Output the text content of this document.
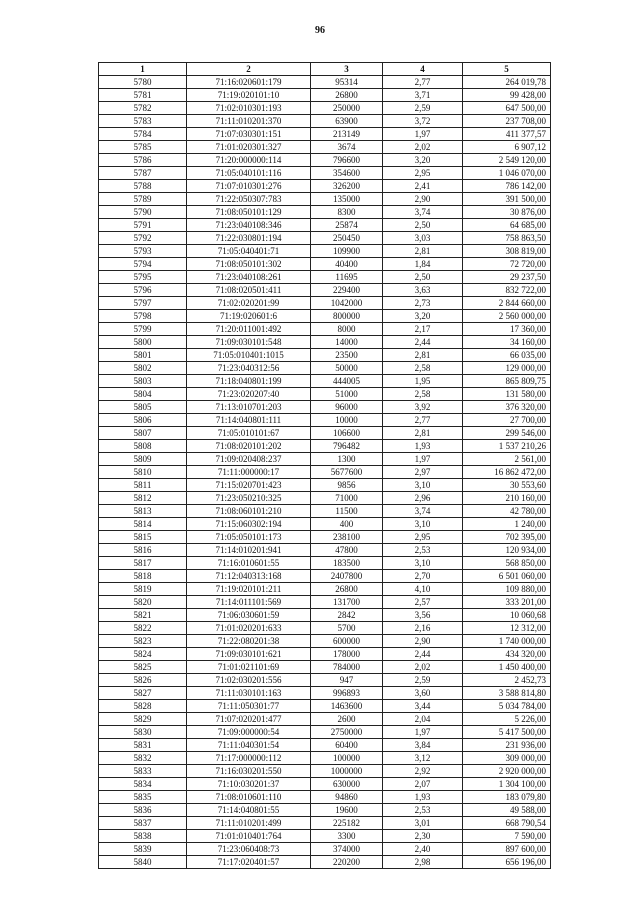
96
1	2	3	4	5
5780	71:16:020601:179	95314	2,77	264 019,78
5781	71:19:020101:10	26800	3,71	99 428,00
5782	71:02:010301:193	250000	2,59	647 500,00
5783	71:11:010201:370	63900	3,72	237 708,00
5784	71:07:030301:151	213149	1,97	411 377,57
5785	71:01:020301:327	3674	2,02	6 907,12
5786	71:20:000000:114	796600	3,20	2 549 120,00
5787	71:05:040101:116	354600	2,95	1 046 070,00
5788	71:07:010301:276	326200	2,41	786 142,00
5789	71:22:050307:783	135000	2,90	391 500,00
5790	71:08:050101:129	8300	3,74	30 876,00
5791	71:23:040108:346	25874	2,50	64 685,00
5792	71:22:030801:194	250450	3,03	758 863,50
5793	71:05:040401:71	109900	2,81	308 819,00
5794	71:08:050101:302	40400	1,84	72 720,00
5795	71:23:040108:261	11695	2,50	29 237,50
5796	71:08:020501:411	229400	3,63	832 722,00
5797	71:02:020201:99	1042000	2,73	2 844 660,00
5798	71:19:020601:6	800000	3,20	2 560 000,00
5799	71:20:011001:492	8000	2,17	17 360,00
5800	71:09:030101:548	14000	2,44	34 160,00
5801	71:05:010401:1015	23500	2,81	66 035,00
5802	71:23:040312:56	50000	2,58	129 000,00
5803	71:18:040801:199	444005	1,95	865 809,75
5804	71:23:020207:40	51000	2,58	131 580,00
5805	71:13:010701:203	96000	3,92	376 320,00
5806	71:14:040801:111	10000	2,77	27 700,00
5807	71:05:010101:67	106600	2,81	299 546,00
5808	71:08:020101:202	796482	1,93	1 537 210,26
5809	71:09:020408:237	1300	1,97	2 561,00
5810	71:11:000000:17	5677600	2,97	16 862 472,00
5811	71:15:020701:423	9856	3,10	30 553,60
5812	71:23:050210:325	71000	2,96	210 160,00
5813	71:08:060101:210	11500	3,74	42 780,00
5814	71:15:060302:194	400	3,10	1 240,00
5815	71:05:050101:173	238100	2,95	702 395,00
5816	71:14:010201:941	47800	2,53	120 934,00
5817	71:16:010601:55	183500	3,10	568 850,00
5818	71:12:040313:168	2407800	2,70	6 501 060,00
5819	71:19:020101:211	26800	4,10	109 880,00
5820	71:14:011101:569	131700	2,57	333 201,00
5821	71:06:030601:59	2842	3,56	10 060,68
5822	71:01:020201:633	5700	2,16	12 312,00
5823	71:22:080201:38	600000	2,90	1 740 000,00
5824	71:09:030101:621	178000	2,44	434 320,00
5825	71:01:021101:69	784000	2,02	1 450 400,00
5826	71:02:030201:556	947	2,59	2 452,73
5827	71:11:030101:163	996893	3,60	3 588 814,80
5828	71:11:050301:77	1463600	3,44	5 034 784,00
5829	71:07:020201:477	2600	2,04	5 226,00
5830	71:09:000000:54	2750000	1,97	5 417 500,00
5831	71:11:040301:54	60400	3,84	231 936,00
5832	71:17:000000:112	100000	3,12	309 000,00
5833	71:16:030201:550	1000000	2,92	2 920 000,00
5834	71:10:030201:37	630000	2,07	1 304 100,00
5835	71:08:010601:110	94860	1,93	183 079,80
5836	71:14:040801:55	19600	2,53	49 588,00
5837	71:11:010201:499	225182	3,01	668 790,54
5838	71:01:010401:764	3300	2,30	7 590,00
5839	71:23:060408:73	374000	2,40	897 600,00
5840	71:17:020401:57	220200	2,98	656 196,00
